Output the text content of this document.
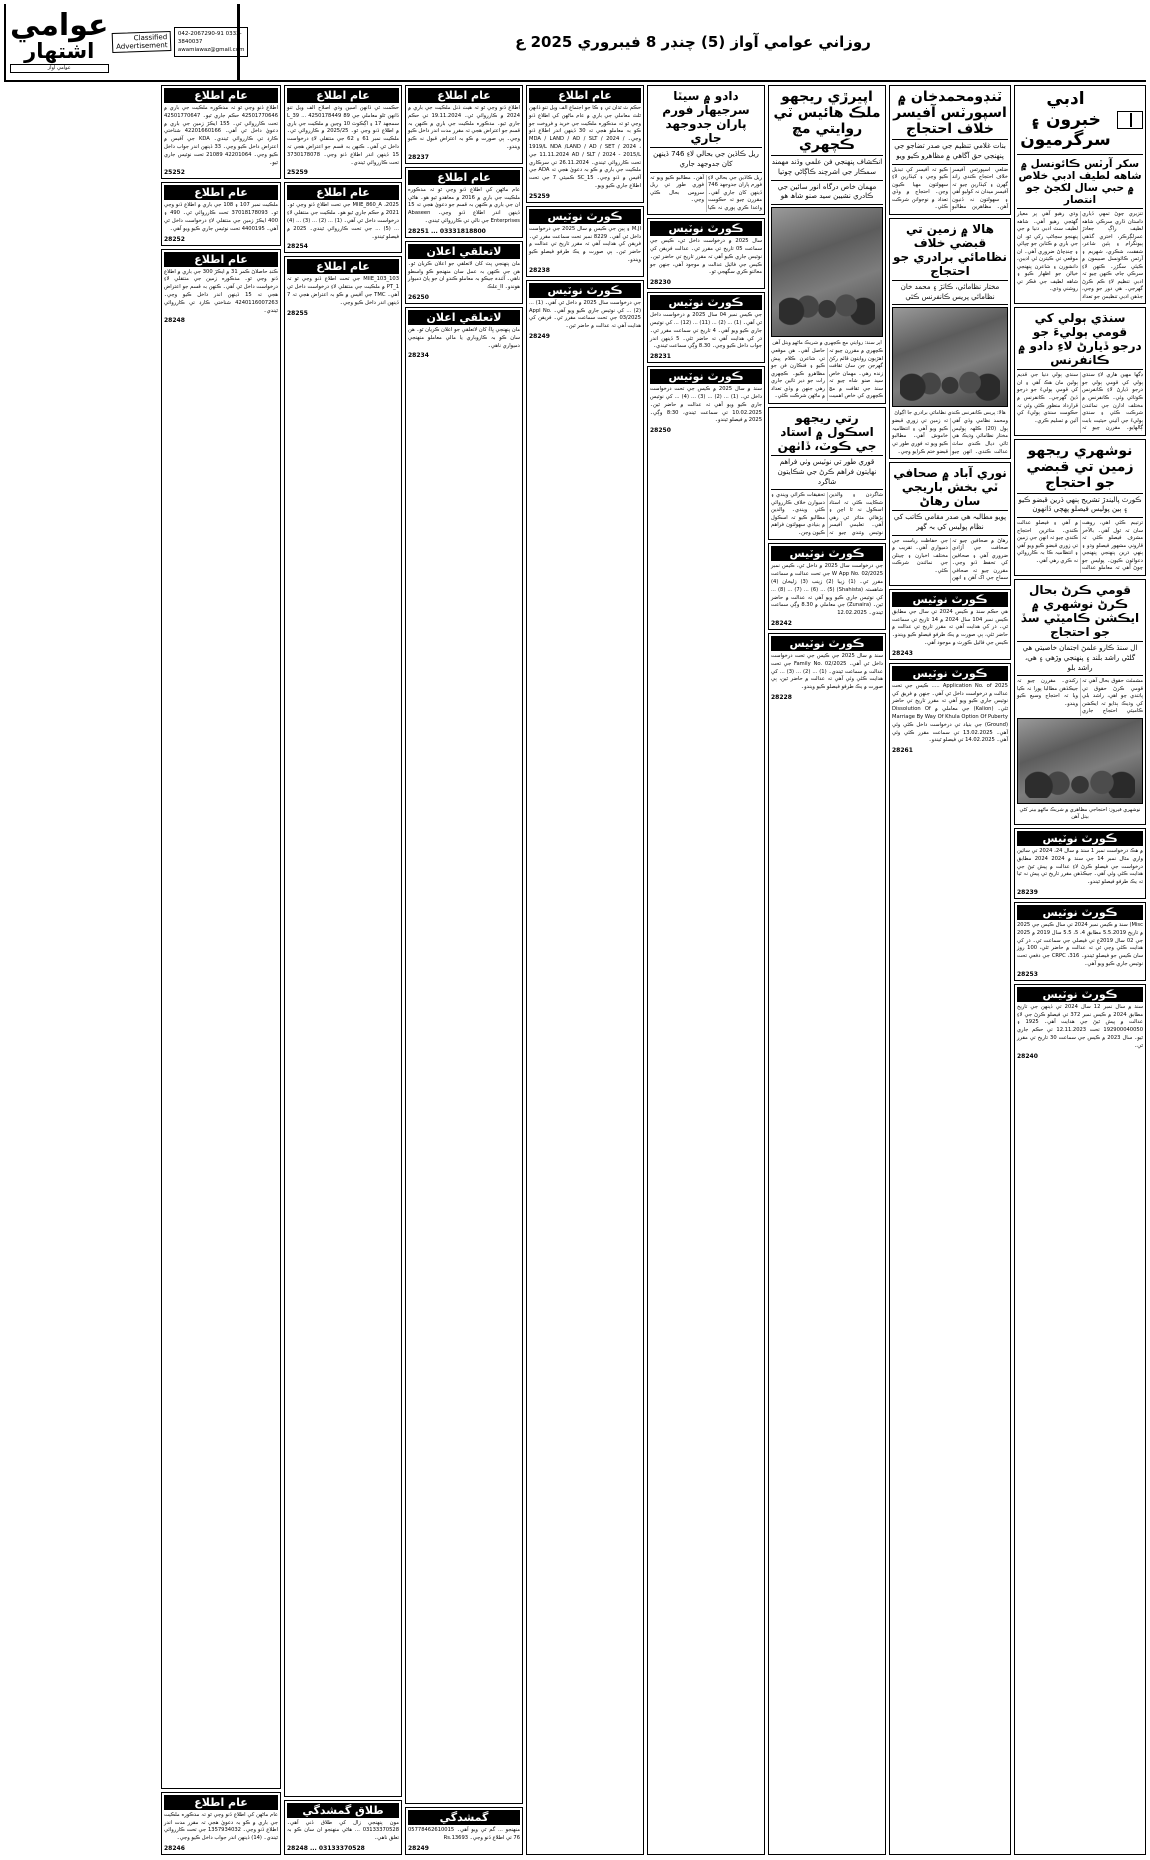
روزاني عوامي آواز (5) چنڊر 8 فيبروري 2025 ع
042-2067290-91 0333-3840037 awamiawaz@gmail.com
Classified Advertisement
عوامي
اشتهار
عوامي آواز
ادبي خبرون ۽ سرگرميون
سکر آرٽس ڪائونسل ۾ شاهه لطيف ادبي خلاص ۾ حبي سال لکجڻ جو انتصار
تنزيري چوڻ تمهي ڏياري داستان ڏاري سرڪي شاهه لطيف راڳ جعادڙ عمرلڳرڪر، اختري گڏهي ٻيونگرام ۽ ٻئين شاعر، شفقت، شڪري، شهريم ۽ آرٽس ڪائونسل صبيمون ۾ ڪيئي سگڙر۔ ڪنهن لاءِ سرڪي ڄام، ڪنهن چيو تہ ادبي تنظيم لاءِ ڪم ڪرڻ گھرجي۔ هي دور جو وڃي، جڏهن ادبي تنظيمن جو تعداد وڌي رهيو آهي پر معيار گھٽجي رهيو آهي۔ شاهه لطيف سٽ ادبي دنيا ۾ جي پنهنجو سڃاڻپ رکي ٿو، ان جي باري ۾ ڪتابن جو ڇپائي ۽ ڇنڊڇاڻ ضروري آهي۔ ان موقعي تي ڪيترن ئي اديبن، دانشورن ۽ شاعرن پنهنجي خيالن جو اظهار ڪيو ۽ شاهه لطيف جي فڪر تي روشني وڌي۔
سنڌي ٻولي کي قومي ٻوليءَ جو درجو ڏيارڻ لاءِ دادو ۾ ڪانفرنس
ڊگھا مهين هاري لاءِ سنڌي ٻولي کي قومي ٻولي جو درجو ڏيارڻ لاءِ ڪانفرنس ڪوٺائي وئي۔ ڪانفرنس ۾ مختلف ادارن جي نمائندن شرڪت ڪئي ۽ سنڌي ٻوليءَ جي آئيني حيثيت بابت ڳالهايو۔ مقررن چيو تہ سنڌي ٻولي دنيا جي قديم ٻولين مان هڪ آهي ۽ ان کي قومي ٻوليءَ جو درجو ڏيڻ گھرجي۔ ڪانفرنس ۾ قرارداد منظور ڪئي وئي تہ حڪومت سنڌي ٻوليءَ کي آئين ۾ تسليم ڪري۔
نوشهري ريجھو زمين تي قبضي جو احتجاج
ڪورٽ پاليندڙ تشريح ٻنهي ڌرين قبضو ڪيو ۽ ٻين پوليس فيصلو پهچي ڏانهون
ترتيبم ڪئي اهي، روهت سان تہ ٽول آهي۔ بالآخر مشرف فيصلو ڪئي تہ قاروني مشهور فيصلو وڌو ۽ ٻنهي ڌرين پنهنجي پنهنجي دعوائون ڪيون۔ پوليس جو چوڻ آهي تہ معاملو عدالت ۾ آهي ۽ فيصلو عدالت ڪندي۔ متاثرين احتجاج ڪندي چيو تہ انهن جي زمين تي زوري قبضو ڪيو ويو آهي ۽ انتظاميہ ڪا بہ ڪارروائي نہ ڪري رهي آهي۔
قومي ڪرڻ بحال ڪرڻ نوشهري ۾ ايڪشن ڪاميٽي سڏ جو احتجاج
ال سنڌ ڪارو علمڻ اجتمان خاصيتي هي گلڻي راشد بلند ۽ پنهنجي وڙهي ۽ هي، راشد بلو
مشمئٽ حقوق بحال آهي تہ قومي ڪرڻ حقوق تي پاتندي چو اهي، راشد بلي کي وڌيڪ ٻڌايو تہ ايڪشن ڪاميٽي احتجاج جاري رکندي۔ مقررن چيو تہ جيڪڏهن مطالبا پورا نہ ڪيا ويا تہ احتجاج وسيع ڪيو ويندو۔
نوشهري فيروز: احتجاجي مظاهري ۾ شريڪ ماڻهو بينر کڻي بيٺل آهن
ڪورٽ نوٽيس
۾ هڪ درخواست نمبر 1 سنڌ ۾ سال 24، 2024 تي سائين واري مثال نمبر 14 جي سنڌ ۾ 2024 2024 مطابق درخواست جي فيصلو ڪرڻ لاءِ عدالت ۾ پيش ٿيڻ جي هدايت ڪئي وئي آهي۔ جيڪڏهن مقرر تاريخ تي پيش نہ ٿيا تہ يڪ طرفو فيصلو ٿيندو۔
28239
ڪورٽ نوٽيس
Misc) سنڌ ۾ ڪيس نمبر 2024 تي سال ڪيس جي 2025 ۾ تاريخ 5.5.2019 مطابق 4، 5، 5.5 سال 2019 ۾ 2025 جي 02 سال 2019ع تي فيصلي جي سماعت ٿي۔ ڌر کي هدايت ڪئي وڃي ٿي تہ عدالت ۾ حاضر ٿئي، 100 روز سان ڪيس جو فيصلو ٿيندو۔ CRPC ،316 جي دفعي تحت نوٽيس جاري ڪيو ويو آهي۔
28253
ڪورٽ نوٽيس
سنڌ ۾ سال نمبر 12 سال 2024 تي ڏينهن جي تاريخ مطابق 2024 ۾ ڪيس نمبر 372 تي فيصلو ڪرڻ جي لاءِ عدالت ۾ پيش ٿيڻ جي هدايت آهي۔ 1925 ۽ 192900040050 تحت 12.11.2023 تي حڪم جاري ٿيو۔ سال 2023 ۾ ڪيس جي سماعت 30 تاريخ تي مقرر ٿي۔
28240
ٽنڊومحمدخان ۾ اسپورٽس آفيسر خلاف احتجاج
بنات غلامي تنظيم جي صدر تضاجو جي پنهنجي حق آگاهي ۾ مظاهرو ڪيو ويو
ضلعي اسپورٽس آفيسر خلاف احتجاج ڪندي راند گهرن ۽ کيڏارين چيو تہ آفيسر ميدان نہ کوليو آهي ۽ سهولتون نہ ڏنيون آهن۔ مظاهرين مطالبو ڪيو تہ آفيسر کي تبديل ڪيو وڃي ۽ کيڏارين لاءِ سهولتون مهيا ڪيون وڃن۔ احتجاج ۾ وڏي تعداد ۾ نوجوانن شرڪت ڪئي۔
هالا ۾ زمين تي قبضي خلاف نظامائي برادري جو احتجاج
مختار نظامائي، ڪاٺڙ ۽ محمد خان نظامائي پريس ڪانفرنس ڪئي
هالا: پريس ڪانفرنس ڪندي نظامائي برادري جا اڳواڻ
ومحمد نظامي وڏي آهي ٻول (20) ڪلهہ پوليس مختار نظامائي وڌيڪ هي ٽائي ديال ڪندي ساٿ عدالت ڪندي۔ انهن چيو تہ زمين تي زوري قبضو ڪيو ويو آهي ۽ انتظاميہ خاموش آهي۔ مطالبو ڪيو ويو تہ فوري طور تي قبضو ختم ڪرايو وڃي۔
نوري آباد ۾ صحافي ٽي بخش باريجي سان رهاڻ
پويو مطالبہ هي صدر مقامي ڪاتب کي نظام پوليس کي بہ گھر
رهاڻ ۾ صحافين چيو تہ صحافت جي آزادي ضروري آهي ۽ صحافين کي تحفظ ڏنو وڃي۔ مقررن چيو تہ صحافي سماج جي اک آهن ۽ انهن جي حفاظت رياست جي ذميواري آهي۔ تقريب ۾ مختلف اخبارن ۽ چينلن جي نمائندن شرڪت ڪئي۔
ڪورٽ نوٽيس
هي حڪم سنڌ ۾ ڪيس 2024 تي سال جي مطابق ڪيس نمبر 104 سال 2024 ۾ 14 تاريخ تي سماعت ٿي۔ ڌر کي هدايت آهي تہ مقرر تاريخ تي عدالت ۾ حاضر ٿئي، ٻي صورت ۾ يڪ طرفو فيصلو ڪيو ويندو۔ ڪيس جي فائيل ڪورٽ ۾ موجود آهي۔
28243
ڪورٽ نوٽيس
Application No. of 2025 ..... ڪيس جي تحت عدالت ۾ درخواست داخل ٿي آهي۔ جنهن ۾ فريق کي نوٽيس جاري ڪيو ويو آهي تہ مقرر تاريخ تي حاضر ٿئي۔ (Kalion) جي معاملي ۾ Dissolution Of Marriage By Way Of Khula Option Of Puberty (Ground) جي بنياد تي درخواست داخل ڪئي وئي آهي۔ 13.02.2025 تي سماعت مقرر ڪئي وئي آهي۔ 14.02.2025 تي فيصلو ٿيندو۔
28261
اپيرڙي ريجھو ملڪ هائيس ٽي روايتي مچ ڪچهري
انڪشاف پنهنجي فن علمي وڏند مهمند سمڪار جي اشرچند ڪاڳاڻي چوتيا
مهمان خاص درگاه انور سائين جي ڪادري نشيبن سيد صنو شاھ هو
اپر سنڌ: روايتي مچ ڪچهري ۾ شريڪ ماڻهو ويٺل آهن
ڪچهري ۾ مقررن چيو تہ اهڙيون روايتون قائم رکڻ گهرجن جن سان ثقافت زنده رهي۔ مهمان خاص سيد صنو شاه چيو تہ سنڌ جي ثقافت ۾ مچ ڪچهري کي خاص اهميت حاصل آهي۔ هن موقعي تي شاعرن ڪلام پيش ڪيو ۽ فنڪارن فن جو مظاهرو ڪيو۔ ڪچهري رات جو دير تائين جاري رهي جنهن ۾ وڏي تعداد ۾ ماڻهن شرڪت ڪئي۔
رتي ريجھو اسڪول ۾ استاد جي ڪوٽ، ڏاٺهن
قوري طور تي نوٽيس وٺي فراهم نهايتون فراهم ڪرڻ جي شڪايتون شاگرد
شاگردن ۽ والدين شڪايت ڪئي تہ استاد اسڪول نہ ٿا اچن ۽ پڙهائي متاثر ٿي رهي آهي۔ تعليمي آفيسر نوٽيس وٺندي چيو تہ تحقيقات ڪرائي ويندي ۽ ذميوارن خلاف ڪارروائي ڪئي ويندي۔ والدين مطالبو ڪيو تہ اسڪول ۾ بنيادي سهولتون فراهم ڪيون وڃن۔
ڪورٽ نوٽيس
جي درخواست سال 2025 ۾ داخل ٿي، ڪيس نمبر W App No. 02/2025 جي تحت عدالت ۾ سماعت مقرر ٿي۔ (1) زيبا (2) زينب (3) زليخان (4) شاهستہ (Shahista) (5) ... (6) ... (7) ... (8) ... کي نوٽيس جاري ڪيو ويو آهي تہ عدالت ۾ حاضر ٿين۔ (Zunaira) جي معاملي ۾ 8.30 وڳي سماعت ٿيندي۔ 12.02.2025
28242
ڪورٽ نوٽيس
سنڌ ۾ سال 2025 جي ڪيس جي تحت درخواست داخل ٿي آهي۔ Family No. 02/2025 جي تحت عدالت ۾ سماعت ٿيندي۔ (1) ... (2) ... (3) ... کي هدايت ڪئي وئي آهي تہ عدالت ۾ حاضر ٿين، ٻي صورت ۾ يڪ طرفو فيصلو ڪيو ويندو۔
28228
دادو ۾ سيٽا سرجيهار فورم پاران جدوجهد جاري
ريل ڪاڏين جي بحالي لاءِ 746 ڏينهن کان جدوجهد جاري
ريل ڪاڏين جي بحالي لاءِ فورم پاران جدوجهد 746 ڏينهن کان جاري آهي۔ مقررن چيو تہ حڪومت واعدا ڪري پوري نہ ڪيا آهن۔ مطالبو ڪيو ويو تہ فوري طور تي ريل سروس بحال ڪئي وڃي۔
ڪورٽ نوٽيس
سال 2025 ۾ درخواست داخل ٿي، ڪيس جي سماعت 05 تاريخ تي مقرر ٿي۔ عدالت فريقن کي نوٽيس جاري ڪيو آهي تہ مقرر تاريخ تي حاضر ٿين۔ ڪيس جي فائيل عدالت ۾ موجود آهي، جنهن جو معائنو ڪري سگھجي ٿو۔
28230
ڪورٽ نوٽيس
جي ڪيس نمبر 04 سال 2025 ۾ درخواست داخل ٿي آهي۔ (1) ... (2) ... (11) ... (12) ... کي نوٽيس جاري ڪيو ويو آهي۔ 4 تاريخ تي سماعت مقرر ٿي۔ ڌر کي هدايت آهي تہ حاضر ٿئي۔ 5 ڏينهن اندر جواب داخل ڪيو وڃي۔ 8.30 وڳي سماعت ٿيندي۔
28231
ڪورٽ نوٽيس
سنڌ ۾ سال 2025 ۾ ڪيس جي تحت درخواست داخل ٿي۔ (1) ... (2) ... (3) ... (4) ... کي نوٽيس جاري ڪيو ويو آهي تہ عدالت ۾ حاضر ٿين۔ 10.02.2025 تي سماعت ٿيندي، 8:30 وڳي۔ 2025 ۾ فيصلو ٿيندو۔
28250
عام اطلاع
حڪم ٿ ٿڌان ٽي ۽ ڪا جو اجتماع الف ويل تنو ڏانهن ٿلٿ معاملي جي باري ۾ عام ماڻهن کي اطلاع ڏنو وڃي ٿو تہ مذڪوره ملڪيت جي خريد و فروخت جو ڪو بہ معاملو هجي تہ 30 ڏينهن اندر اطلاع ڏنو وڃي۔ MDA / LAND / AD / SLT / 2024 / 1919/L NDA /LAND / AD / SET / 2024 ، 11.11.2024 AD / SLT / 2024 - 2015/L جي تحت ڪارروائي ٿيندي۔ 26.11.2024 تي سرڪاري ملڪيت جي باري ۾ ڪو بہ دعويٰ هجي تہ ADA جي آفيس ۾ ڏنو وڃي۔ SC_15 ڪميٽي 7 جي تحت اطلاع جاري ڪيو ويو۔
25259
ڪورٽ نوٽيس
M.JI ۽ ٻين جي ڪيس ۾ سال 2025 جي درخواست داخل ٿي آهي۔ 8229 نمبر تحت سماعت مقرر ٿي۔ فريقن کي هدايت آهي تہ مقرر تاريخ تي عدالت ۾ حاضر ٿين۔ ٻي صورت ۾ يڪ طرفو فيصلو ڪيو ويندو۔
28238
ڪورٽ نوٽيس
جي درخواست سال 2025 ۾ داخل ٿي آهي۔ (1) ... (2) ... کي نوٽيس جاري ڪيو ويو آهي۔ Appl No. 03/2025 جي تحت سماعت مقرر ٿي۔ فريقن کي هدايت آهي تہ عدالت ۾ حاضر ٿين۔
28249
عام اطلاع
اطلاع ڏنو وڃي ٿو تہ هيٺ ڏنل ملڪيت جي باري ۾ 2024 ۾ ڪارروائي ٿي۔ 19.11.2024 تي حڪم جاري ٿيو۔ مذڪوره ملڪيت جي باري ۾ ڪنهن بہ قسم جو اعتراض هجي تہ مقرر مدت اندر داخل ڪيو وڃي۔ ٻي صورت ۾ ڪو بہ اعتراض قبول نہ ڪيو ويندو۔
28237
عام اطلاع
عام ماڻهن کي اطلاع ڏنو وڃي ٿو تہ مذڪوره ملڪيت جي باري ۾ 2016 ۾ معاهدو ٿيو هو۔ هاڻي ان جي باري ۾ ڪنهن بہ قسم جو دعويٰ هجي تہ 15 ڏينهن اندر اطلاع ڏنو وڃي۔ Abaseen Enterprises جي نالي تي ڪارروائي ٿيندي۔
28251 ... 03331818800
لاتعلقي اعلان
مان پنهنجي پٽ کان لاتعلقي جو اعلان ڪريان ٿو۔ هن جي ڪنهن بہ عمل سان منهنجو ڪو واسطو ناهي۔ آئندہ جيڪو بہ معاملو ڪندو ان جو پاڻ ذميوار هوندو۔ II_علڪ
26250
لاتعلقي اعلان
مان پنهنجي ڀاءُ کان لاتعلقي جو اعلان ڪريان ٿو۔ هن سان ڪو بہ ڪاروباري يا مالي معاملو منهنجي ذميواري ناهي۔
28234
گمشدگي
منهنجو ... گم ٿي ويو آهي۔ 05778462610015 76 تي اطلاع ڏنو وڃي۔ Rs.13693
28249
عام اطلاع
حڪمت ٿي ڏانهن اسين وڌي اصلاح الف ويل تنو ڏانهن ٿلو معاملي جي L_39 ... 4250178449 89 سمجھد 17 ۽ اڳڪوٽ 10 وچين ۾ ملڪيت جي باري ۾ اطلاع ڏنو وڃي ٿو۔ 2025/25 ۾ ڪارروائي ٿي۔ ملڪيت نمبر 61 ۽ 62 جي منتقلي لاءِ درخواست داخل ٿي آهي۔ ڪنهن بہ قسم جو اعتراض هجي تہ 15 ڏينهن اندر اطلاع ڏنو وڃي۔ 3730178078 تحت ڪارروائي ٿيندي۔
25259
عام اطلاع
MIIE_860_A ،2025 جي تحت اطلاع ڏنو وڃي ٿو۔ 2021 ۾ حڪم جاري ٿيو هو۔ ملڪيت جي منتقلي لاءِ درخواست داخل ٿي آهي۔ (1) ... (2) ... (3) ... (4) ... (5) ... جي تحت ڪارروائي ٿيندي۔ 2025 ۾ فيصلو ٿيندو۔
28254
عام اطلاع
MIIE_103_103 جي تحت اطلاع ڏنو وڃي ٿو تہ PT_1 ۾ ملڪيت جي منتقلي لاءِ درخواست داخل ٿي آهي۔ TMC جي آفيس ۾ ڪو بہ اعتراض هجي تہ 7 ڏينهن اندر داخل ڪيو وڃي۔
28255
طلاق گمشدگي
مون پنهنجي زال کي طلاق ڏني آهي۔ 03133370528 ... هاڻي منهنجو ان سان ڪو بہ تعلق ناهي۔
28248 ... 03133370528
عام اطلاع
اطلاع ڏنو وڃي ٿو تہ مذڪوره ملڪيت جي باري ۾ 42501770646 حڪم جاري ٿيو۔ 42501770647 تحت ڪارروائي ٿي۔ 155 ايڪڙ زمين جي باري ۾ دعويٰ داخل ٿي آهي۔ 42201660166 شناختي ڪارڊ تي ڪارروائي ٿيندي۔ KDA جي آفيس ۾ اعتراض داخل ڪيو وڃي۔ 33 ڏينهن اندر جواب داخل ڪيو وڃي۔ 42201064 21089 تحت نوٽيس جاري ٿيو۔
25252
عام اطلاع
ملڪيت نمبر 107 ۽ 108 جي باري ۾ اطلاع ڏنو وڃي ٿو۔ 37018178093 تحت ڪارروائي ٿي۔ 490 ۽ 400 ايڪڙ زمين جي منتقلي لاءِ درخواست داخل ٿي آهي۔ 4400195 تحت نوٽيس جاري ڪيو ويو آهي۔
28252
عام اطلاع
ڪنڊ حاصلاڻ ڪمر 31 ۾ ايڪڙ 300 جي باري ۾ اطلاع ڏنو وڃي ٿو۔ مذڪوره زمين جي منتقلي لاءِ درخواست داخل ٿي آهي۔ ڪنهن بہ قسم جو اعتراض هجي تہ 15 ڏينهن اندر داخل ڪيو وڃي۔ 4240116007263 شناختي ڪارڊ تي ڪارروائي ٿيندي۔
28248
عام اطلاع
عام ماڻهن کي اطلاع ڏنو وڃي ٿو تہ مذڪوره ملڪيت جي باري ۾ ڪو بہ دعويٰ هجي تہ مقرر مدت اندر اطلاع ڏنو وڃي۔ 1357934032 جي تحت ڪارروائي ٿيندي۔ (14) ڏينهن اندر جواب داخل ڪيو وڃي۔
28246
